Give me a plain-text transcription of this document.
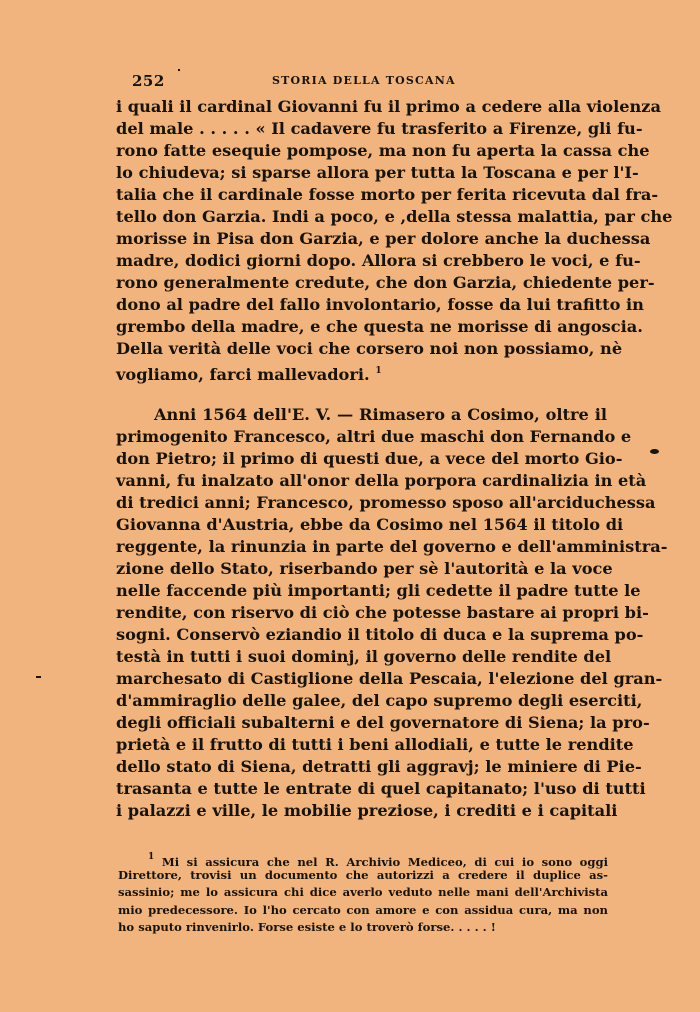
252	STORIA DELLA TOSCANA
i quali il cardinal Giovanni fu il primo a cedere alla violenza
del male . . . . . « Il cadavere fu trasferito a Firenze, gli fu-
rono fatte esequie pompose, ma non fu aperta la cassa che
lo chiudeva; si sparse allora per tutta la Toscana e per l'I-
talia che il cardinale fosse morto per ferita ricevuta dal fra-
tello don Garzia. Indi a poco, e ,della stessa malattia, par che
morisse in Pisa don Garzia, e per dolore anche la duchessa
madre, dodici giorni dopo. Allora si crebbero le voci, e fu-
rono generalmente credute, che don Garzia, chiedente per-
dono al padre del fallo involontario, fosse da lui trafitto in
grembo della madre, e che questa ne morisse di angoscia.
Della verità delle voci che corsero noi non possiamo, nè
vogliamo, farci mallevadori. $^1$
Anni 1564 dell'E. V. — Rimasero a Cosimo, oltre il
primogenito Francesco, altri due maschi don Fernando e
don Pietro; il primo di questi due, a vece del morto Gio-
vanni, fu inalzato all'onor della porpora cardinalizia in età
di tredici anni; Francesco, promesso sposo all'arciduchessa
Giovanna d'Austria, ebbe da Cosimo nel 1564 il titolo di
reggente, la rinunzia in parte del governo e dell'amministra-
zione dello Stato, riserbando per sè l'autorità e la voce
nelle faccende più importanti; gli cedette il padre tutte le
rendite, con riservo di ciò che potesse bastare ai propri bi-
sogni. Conservò eziandio il titolo di duca e la suprema po-
testà in tutti i suoi dominj, il governo delle rendite del
marchesato di Castiglione della Pescaia, l'elezione del gran-
d'ammiraglio delle galee, del capo supremo degli eserciti,
degli officiali subalterni e del governatore di Siena; la pro-
prietà e il frutto di tutti i beni allodiali, e tutte le rendite
dello stato di Siena, detratti gli aggravj; le miniere di Pie-
trasanta e tutte le entrate di quel capitanato; l'uso di tutti
i palazzi e ville, le mobilie preziose, i crediti e i capitali
$^1$ Mi si assicura che nel R. Archivio Mediceo, di cui io sono oggi
Direttore, trovisi un documento che autorizzi a credere il duplice as-
sassinio; me lo assicura chi dice averlo veduto nelle mani dell'Archivista
mio predecessore. Io l'ho cercato con amore e con assidua cura, ma non
ho saputo rinvenirlo. Forse esiste e lo troverò forse. . . . . !
